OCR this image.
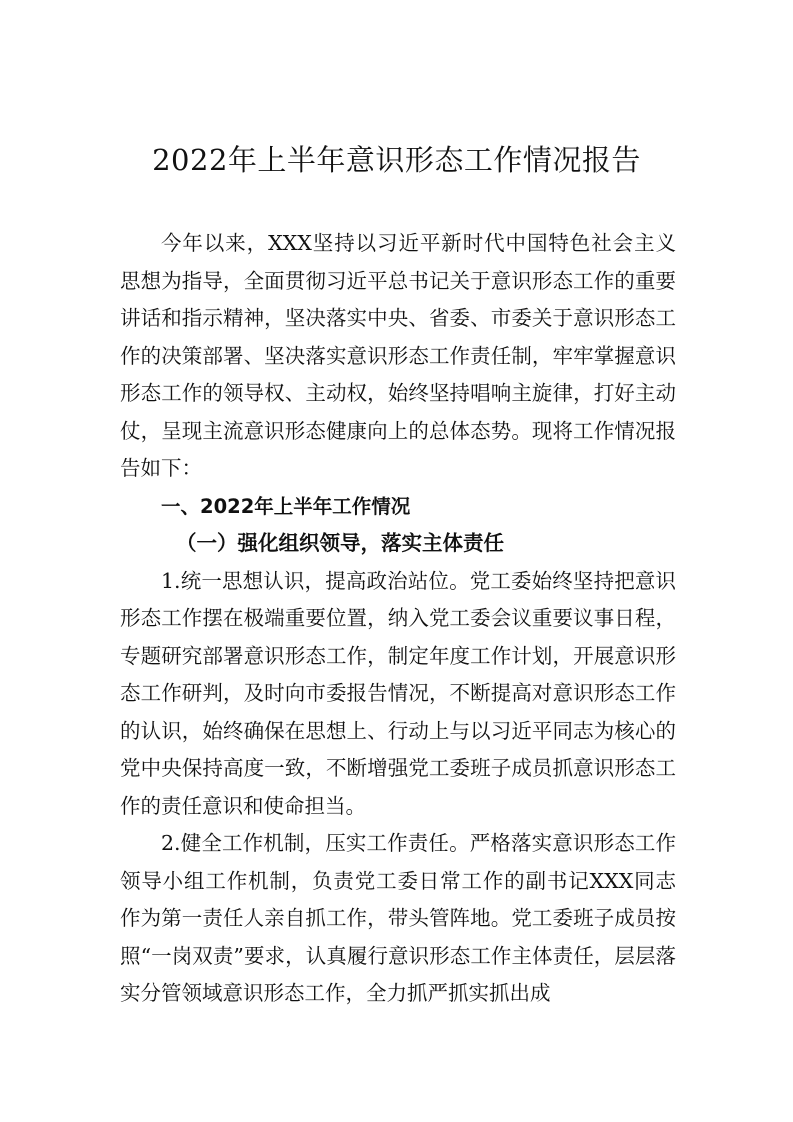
2022年上半年意识形态工作情况报告

今年以来，XXX坚持以习近平新时代中国特色社会主义思想为指导，全面贯彻习近平总书记关于意识形态工作的重要讲话和指示精神，坚决落实中央、省委、市委关于意识形态工作的决策部署、坚决落实意识形态工作责任制，牢牢掌握意识形态工作的领导权、主动权，始终坚持唱响主旋律，打好主动仗，呈现主流意识形态健康向上的总体态势。现将工作情况报告如下：

一、2022年上半年工作情况

（一）强化组织领导，落实主体责任

1.统一思想认识，提高政治站位。党工委始终坚持把意识形态工作摆在极端重要位置，纳入党工委会议重要议事日程，专题研究部署意识形态工作，制定年度工作计划，开展意识形态工作研判，及时向市委报告情况，不断提高对意识形态工作的认识，始终确保在思想上、行动上与以习近平同志为核心的党中央保持高度一致，不断增强党工委班子成员抓意识形态工作的责任意识和使命担当。

2.健全工作机制，压实工作责任。严格落实意识形态工作领导小组工作机制，负责党工委日常工作的副书记XXX同志作为第一责任人亲自抓工作，带头管阵地。党工委班子成员按照“一岗双责”要求，认真履行意识形态工作主体责任，层层落实分管领域意识形态工作，全力抓严抓实抓出成
